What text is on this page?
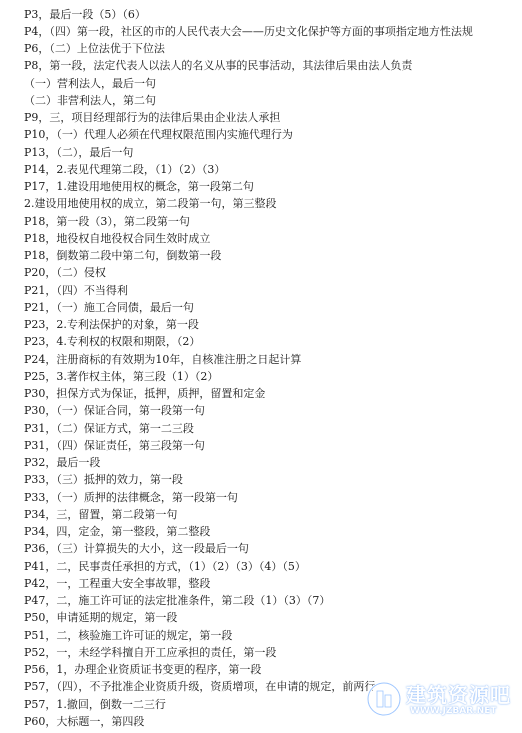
P3，最后一段（5）（6）
P4，（四）第一段，社区的市的人民代表大会——历史文化保护等方面的事项指定地方性法规
P6，（二）上位法优于下位法
P8，第一段，法定代表人以法人的名义从事的民事活动，其法律后果由法人负责
（一）营利法人，最后一句
（二）非营利法人，第二句
P9，三，项目经理部行为的法律后果由企业法人承担
P10，（一）代理人必须在代理权限范围内实施代理行为
P13，（二），最后一句
P14，2.表见代理第二段，（1）（2）（3）
P17，1.建设用地使用权的概念，第一段第二句
2.建设用地使用权的成立，第二段第一句，第三整段
P18，第一段（3），第二段第一句
P18，地役权自地役权合同生效时成立
P18，倒数第二段中第二句，倒数第一段
P20，（二）侵权
P21，（四）不当得利
P21，（一）施工合同债，最后一句
P23，2.专利法保护的对象，第一段
P23，4.专利权的权限和期限，（2）
P24，注册商标的有效期为10年，自核准注册之日起计算
P25，3.著作权主体，第三段（1）（2）
P30，担保方式为保证，抵押，质押，留置和定金
P30，（一）保证合同，第一段第一句
P31，（二）保证方式，第一二三段
P31，（四）保证责任，第三段第一句
P32，最后一段
P33，（三）抵押的效力，第一段
P33，（一）质押的法律概念，第一段第一句
P34，三，留置，第二段第一句
P34，四，定金，第一整段，第二整段
P36，（三）计算损失的大小，这一段最后一句
P41，二，民事责任承担的方式，（1）（2）（3）（4）（5）
P42，一，工程重大安全事故罪，整段
P47，二，施工许可证的法定批准条件，第二段（1）（3）（7）
P50，申请延期的规定，第一段
P51，二，核验施工许可证的规定，第一段
P52，一，未经学科擅自开工应承担的责任，第一段
P56，1，办理企业资质证书变更的程序，第一段
P57，（四），不予批准企业资质升级，资质增项，在申请的规定，前两行
P57，1.撤回，倒数一二三行
P60，大标题一，第四段
建筑资源吧
WWW.JZBAR.NET
